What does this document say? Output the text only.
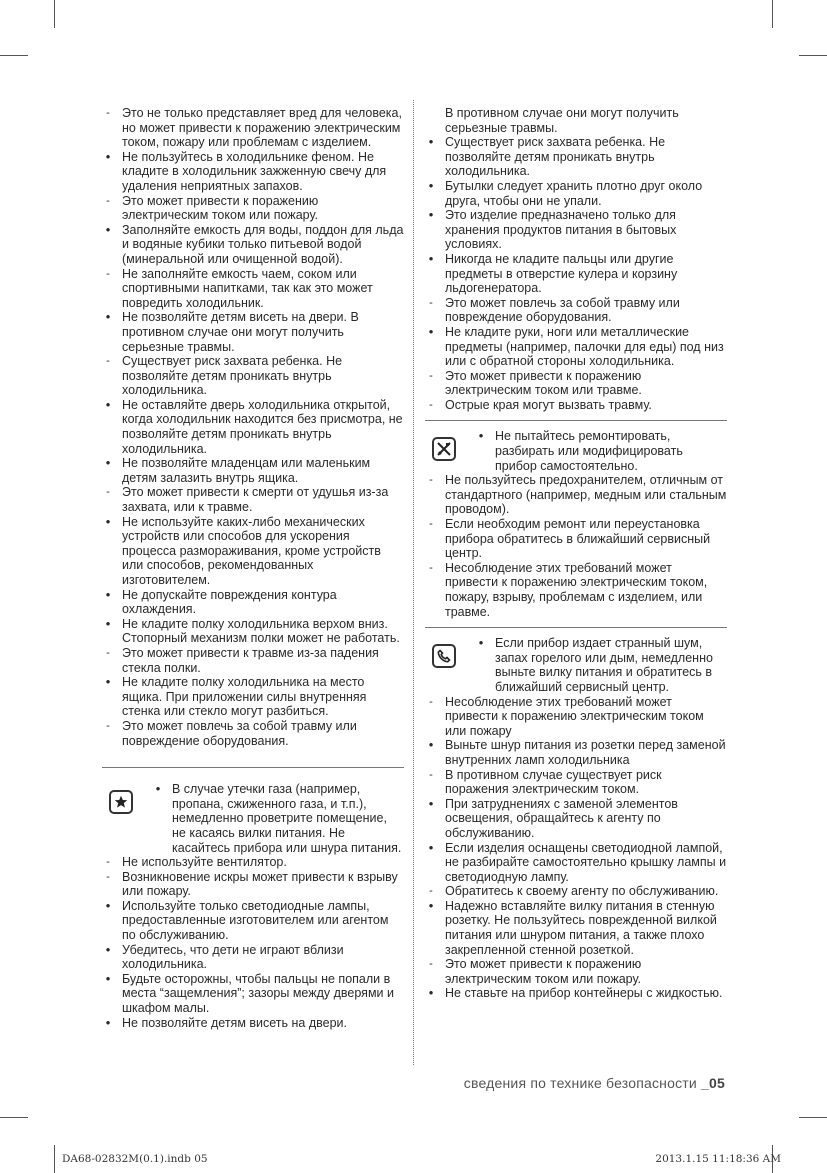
- Это не только представляет вред для человека, но может привести к поражению электрическим током, пожару или проблемам с изделием.
• Не пользуйтесь в холодильнике феном. Не кладите в холодильник зажженную свечу для удаления неприятных запахов.
- Это может привести к поражению электрическим током или пожару.
• Заполняйте емкость для воды, поддон для льда и водяные кубики только питьевой водой (минеральной или очищенной водой).
- Не заполняйте емкость чаем, соком или спортивными напитками, так как это может повредить холодильник.
• Не позволяйте детям висеть на двери. В противном случае они могут получить серьезные травмы.
- Существует риск захвата ребенка. Не позволяйте детям проникать внутрь холодильника.
• Не оставляйте дверь холодильника открытой, когда холодильник находится без присмотра, не позволяйте детям проникать внутрь холодильника.
• Не позволяйте младенцам или маленьким детям залазить внутрь ящика.
- Это может привести к смерти от удушья из-за захвата, или к травме.
• Не используйте каких-либо механических устройств или способов для ускорения процесса размораживания, кроме устройств или способов, рекомендованных изготовителем.
• Не допускайте повреждения контура охлаждения.
• Не кладите полку холодильника верхом вниз. Стопорный механизм полки может не работать.
- Это может привести к травме из-за падения стекла полки.
• Не кладите полку холодильника на место ящика. При приложении силы внутренняя стенка или стекло могут разбиться.
- Это может повлечь за собой травму или повреждение оборудования.
• В случае утечки газа (например, пропана, сжиженного газа, и т.п.), немедленно проветрите помещение, не касаясь вилки питания. Не касайтесь прибора или шнура питания.
- Не используйте вентилятор.
- Возникновение искры может привести к взрыву или пожару.
• Используйте только светодиодные лампы, предоставленные изготовителем или агентом по обслуживанию.
• Убедитесь, что дети не играют вблизи холодильника.
• Будьте осторожны, чтобы пальцы не попали в места “защемления”; зазоры между дверями и шкафом малы.
• Не позволяйте детям висеть на двери.
В противном случае они могут получить серьезные травмы.
• Существует риск захвата ребенка. Не позволяйте детям проникать внутрь холодильника.
• Бутылки следует хранить плотно друг около друга, чтобы они не упали.
• Это изделие предназначено только для хранения продуктов питания в бытовых условиях.
• Никогда не кладите пальцы или другие предметы в отверстие кулера и корзину льдогенератора.
- Это может повлечь за собой травму или повреждение оборудования.
• Не кладите руки, ноги или металлические предметы (например, палочки для еды) под низ или с обратной стороны холодильника.
- Это может привести к поражению электрическим током или травме.
- Острые края могут вызвать травму.
• Не пытайтесь ремонтировать, разбирать или модифицировать прибор самостоятельно.
- Не пользуйтесь предохранителем, отличным от стандартного (например, медным или стальным проводом).
- Если необходим ремонт или переустановка прибора обратитесь в ближайший сервисный центр.
- Несоблюдение этих требований может привести к поражению электрическим током, пожару, взрыву, проблемам с изделием, или травме.
• Если прибор издает странный шум, запах горелого или дым, немедленно выньте вилку питания и обратитесь в ближайший сервисный центр.
- Несоблюдение этих требований может привести к поражению электрическим током или пожару
• Выньте шнур питания из розетки перед заменой внутренних ламп холодильника
- В противном случае существует риск поражения электрическим током.
• При затруднениях с заменой элементов освещения, обращайтесь к агенту по обслуживанию.
• Если изделия оснащены светодиодной лампой, не разбирайте самостоятельно крышку лампы и светодиодную лампу.
- Обратитесь к своему агенту по обслуживанию.
• Надежно вставляйте вилку питания в стенную розетку. Не пользуйтесь поврежденной вилкой питания или шнуром питания, а также плохо закрепленной стенной розеткой.
- Это может привести к поражению электрическим током или пожару.
• Не ставьте на прибор контейнеры с жидкостью.
сведения по технике безопасности _05
DA68-02832M(0.1).indb 05	2013.1.15 11:18:36 AM
